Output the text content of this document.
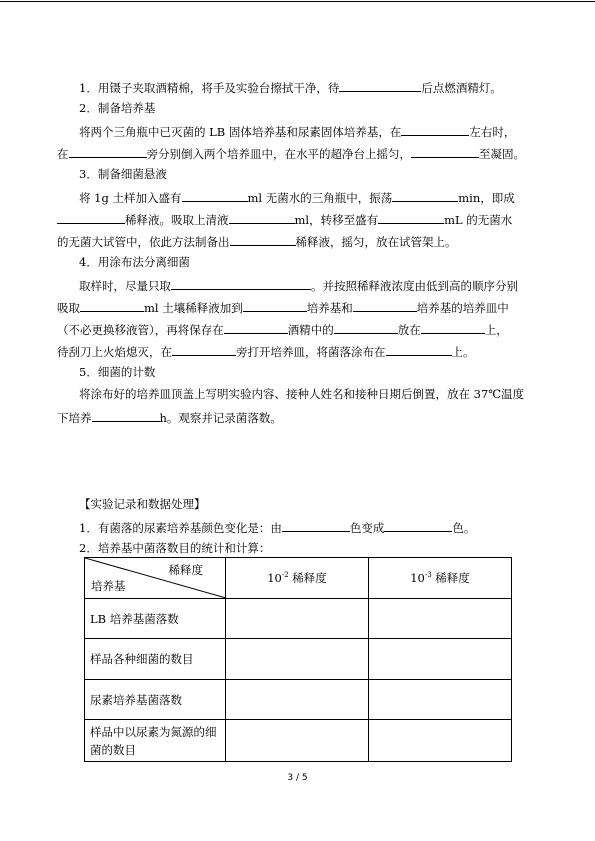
1．用镊子夹取酒精棉，将手及实验台擦拭干净，待	后点燃酒精灯。
2．制备培养基
将两个三角瓶中已灭菌的 LB 固体培养基和尿素固体培养基，在	左右时，
在	旁分别倒入两个培养皿中，在水平的超净台上摇匀，	至凝固。
3．制备细菌悬液
将 1g 土样加入盛有	ml 无菌水的三角瓶中，振荡	min，即成
稀释液。吸取上清液	ml，转移至盛有	mL 的无菌水
的无菌大试管中，依此方法制备出	稀释液，摇匀，放在试管架上。
4．用涂布法分离细菌
取样时，尽量只取	。并按照稀释液浓度由低到高的顺序分别
吸取	ml 土壤稀释液加到	培养基和	培养基的培养皿中
（不必更换移液管），再将保存在	酒精中的	放在	上，
待刮刀上火焰熄灭，在	旁打开培养皿，将菌落涂布在	上。
5．细菌的计数
将涂布好的培养皿顶盖上写明实验内容、接种人姓名和接种日期后倒置，放在 37℃温度
下培养	h。观察并记录菌落数。
【实验记录和数据处理】
1．有菌落的尿素培养基颜色变化是：由	色变成	色。
2．培养基中菌落数目的统计和计算：
稀释度
培养基	$10^{-2}$ 稀释度	$10^{-3}$ 稀释度
LB 培养基菌落数		
样品各种细菌的数目		
尿素培养基菌落数		
样品中以尿素为氮源的细菌的数目		
3 / 5
